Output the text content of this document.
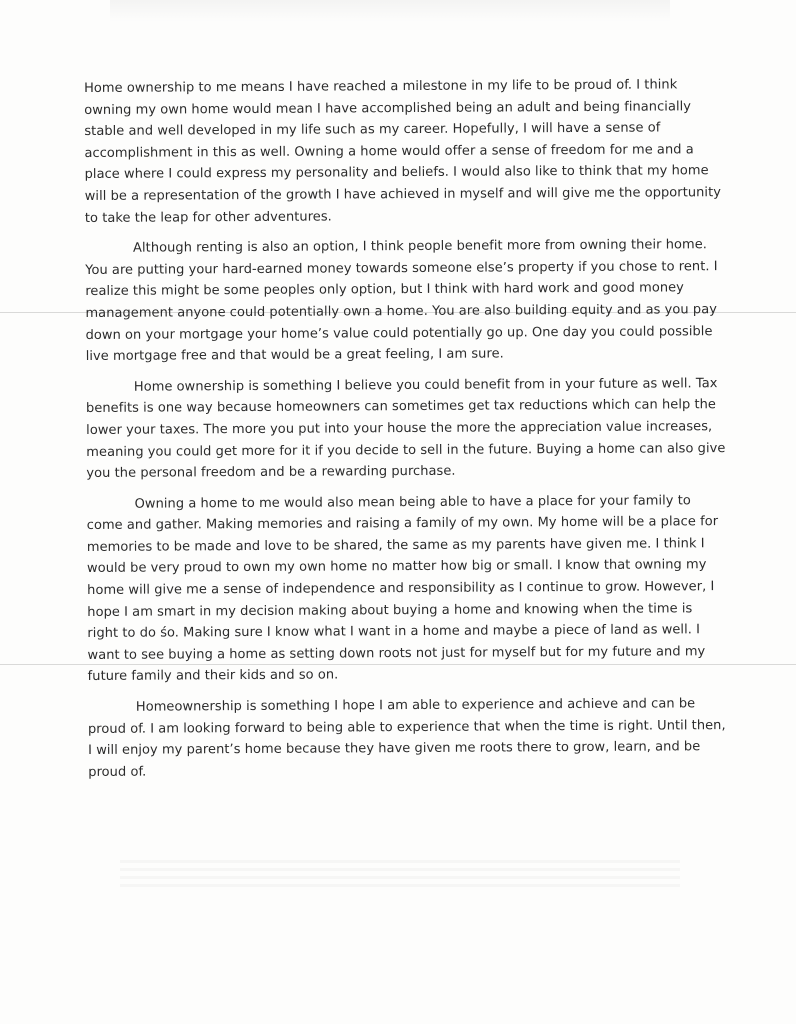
Home ownership to me means I have reached a milestone in my life to be proud of. I think owning my own home would mean I have accomplished being an adult and being financially stable and well developed in my life such as my career. Hopefully, I will have a sense of accomplishment in this as well. Owning a home would offer a sense of freedom for me and a place where I could express my personality and beliefs. I would also like to think that my home will be a representation of the growth I have achieved in myself and will give me the opportunity to take the leap for other adventures.

Although renting is also an option, I think people benefit more from owning their home. You are putting your hard-earned money towards someone else’s property if you chose to rent. I realize this might be some peoples only option, but I think with hard work and good money management anyone could potentially own a home. You are also building equity and as you pay down on your mortgage your home’s value could potentially go up. One day you could possible live mortgage free and that would be a great feeling, I am sure.

Home ownership is something I believe you could benefit from in your future as well. Tax benefits is one way because homeowners can sometimes get tax reductions which can help the lower your taxes. The more you put into your house the more the appreciation value increases, meaning you could get more for it if you decide to sell in the future. Buying a home can also give you the personal freedom and be a rewarding purchase.

Owning a home to me would also mean being able to have a place for your family to come and gather. Making memories and raising a family of my own. My home will be a place for memories to be made and love to be shared, the same as my parents have given me. I think I would be very proud to own my own home no matter how big or small. I know that owning my home will give me a sense of independence and responsibility as I continue to grow. However, I hope I am smart in my decision making about buying a home and knowing when the time is right to do śo. Making sure I know what I want in a home and maybe a piece of land as well. I want to see buying a home as setting down roots not just for myself but for my future and my future family and their kids and so on.

Homeownership is something I hope I am able to experience and achieve and can be proud of. I am looking forward to being able to experience that when the time is right. Until then, I will enjoy my parent’s home because they have given me roots there to grow, learn, and be proud of.
